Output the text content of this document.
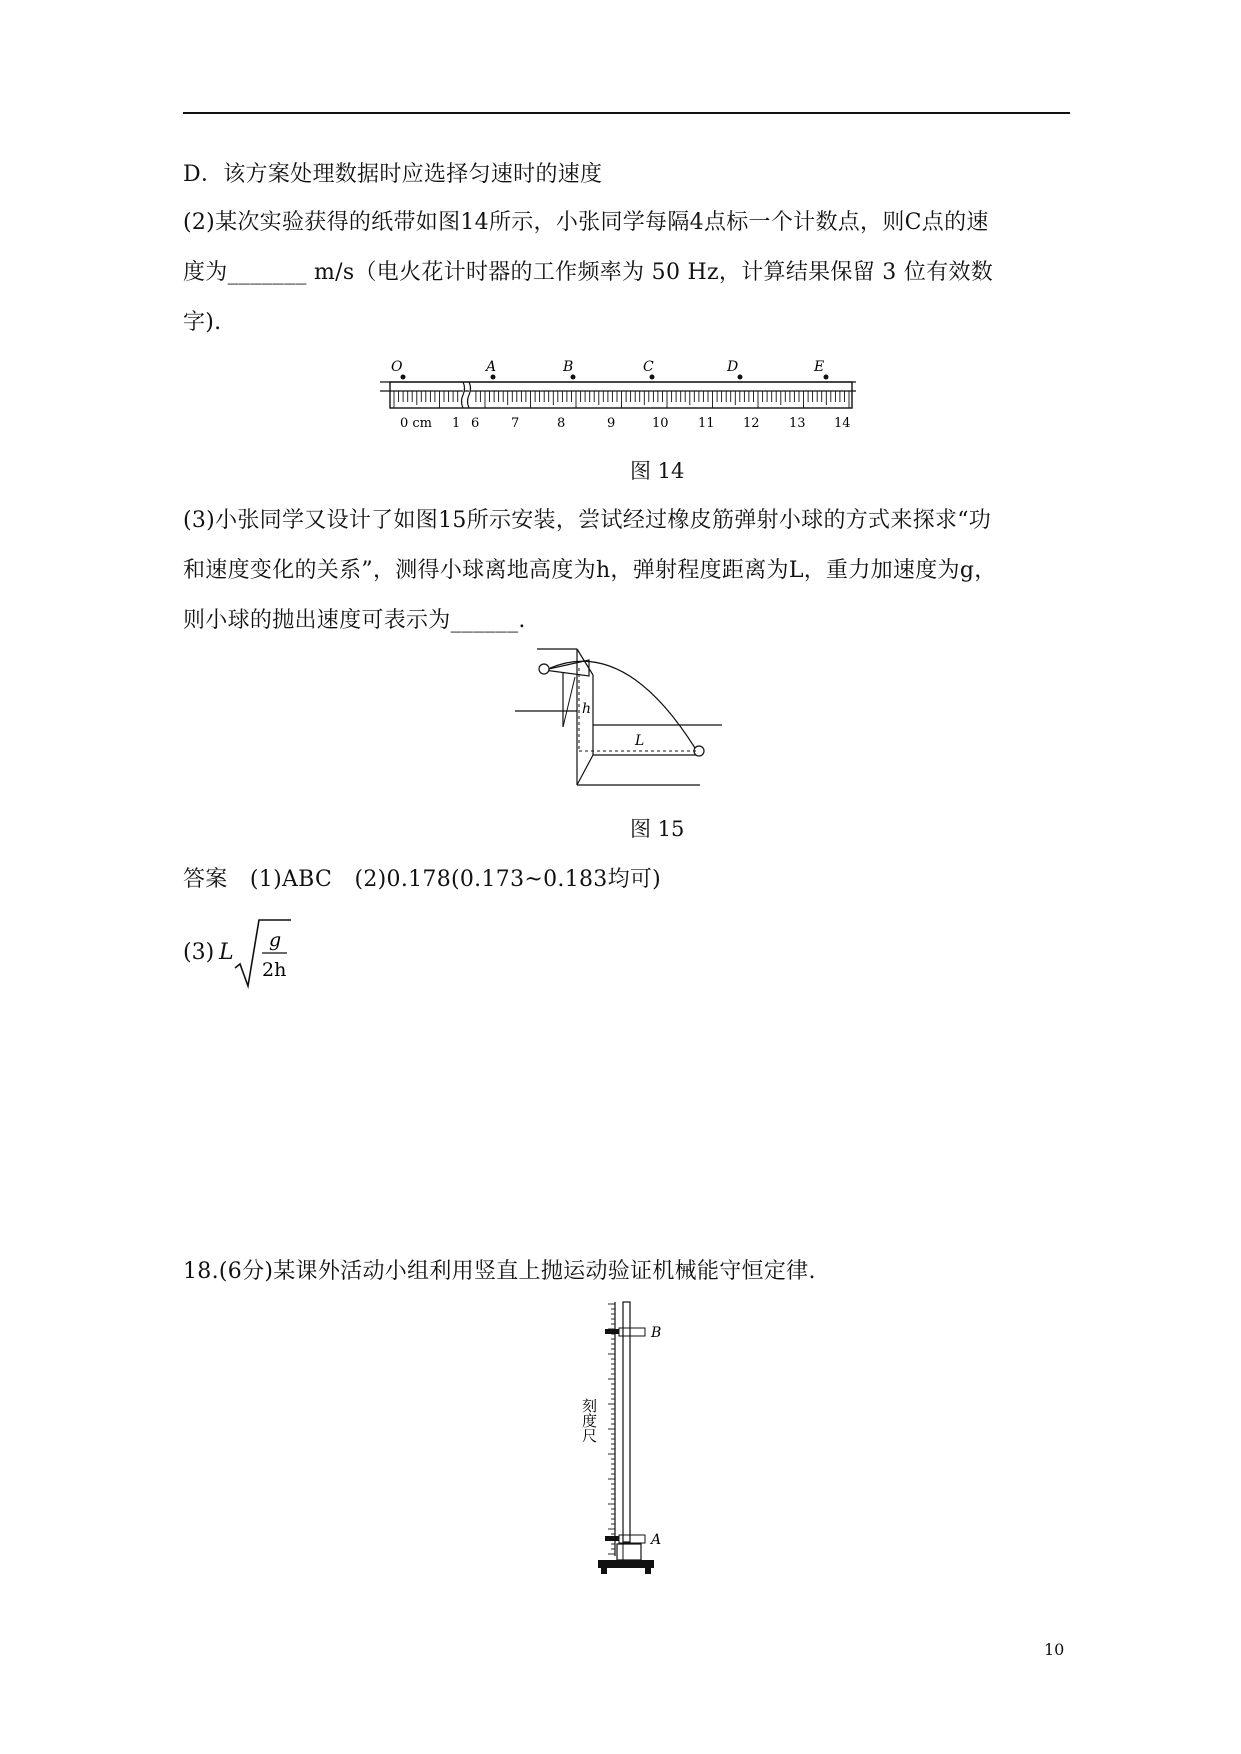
D．该方案处理数据时应选择匀速时的速度
(2)某次实验获得的纸带如图14所示，小张同学每隔4点标一个计数点，则C点的速
度为_______ m/s（电火花计时器的工作频率为 50 Hz，计算结果保留 3 位有效数
字).
O	A	B	C	D	E
0 cm 1 6 7	8	9	10 11 12 13 14
图 14
(3)小张同学又设计了如图15所示安装，尝试经过橡皮筋弹射小球的方式来探求“功
和速度变化的关系”，测得小球离地高度为h，弹射程度距离为L，重力加速度为g，
则小球的抛出速度可表示为______.
h
L
图 15
答案　(1)ABC　(2)0.178(0.173~0.183均可)
(3) L g
2h
18.(6分)某课外活动小组利用竖直上抛运动验证机械能守恒定律.
B
A
刻度尺
10
